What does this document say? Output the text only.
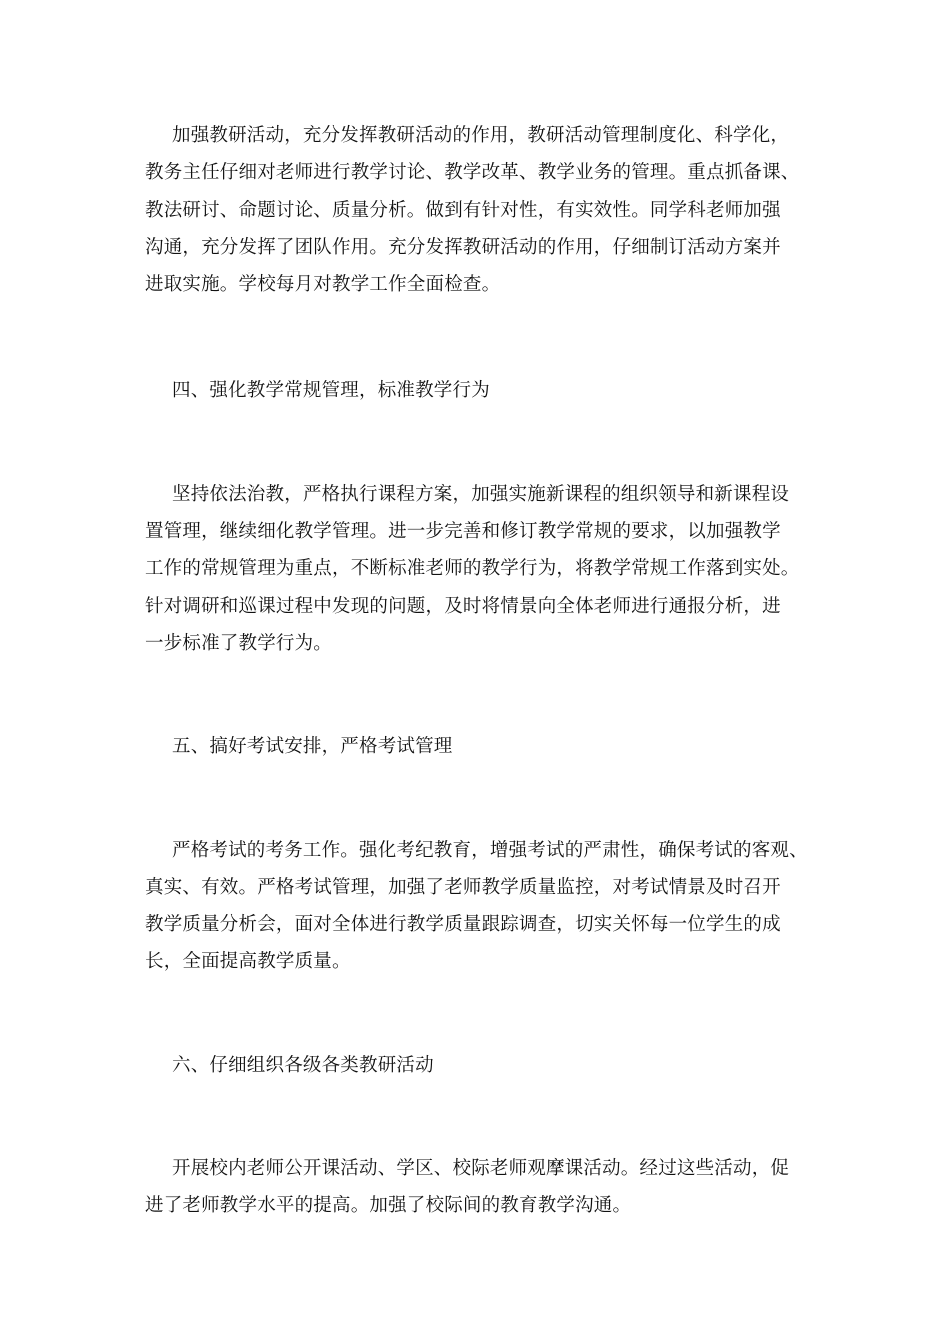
加强教研活动，充分发挥教研活动的作用，教研活动管理制度化、科学化，
教务主任仔细对老师进行教学讨论、教学改革、教学业务的管理。重点抓备课、
教法研讨、命题讨论、质量分析。做到有针对性，有实效性。同学科老师加强
沟通，充分发挥了团队作用。充分发挥教研活动的作用，仔细制订活动方案并
进取实施。学校每月对教学工作全面检查。
四、强化教学常规管理，标准教学行为
坚持依法治教，严格执行课程方案，加强实施新课程的组织领导和新课程设
置管理，继续细化教学管理。进一步完善和修订教学常规的要求，以加强教学
工作的常规管理为重点，不断标准老师的教学行为，将教学常规工作落到实处。
针对调研和巡课过程中发现的问题，及时将情景向全体老师进行通报分析，进
一步标准了教学行为。
五、搞好考试安排，严格考试管理
严格考试的考务工作。强化考纪教育，增强考试的严肃性，确保考试的客观、
真实、有效。严格考试管理，加强了老师教学质量监控，对考试情景及时召开
教学质量分析会，面对全体进行教学质量跟踪调查，切实关怀每一位学生的成
长，全面提高教学质量。
六、仔细组织各级各类教研活动
开展校内老师公开课活动、学区、校际老师观摩课活动。经过这些活动，促
进了老师教学水平的提高。加强了校际间的教育教学沟通。
